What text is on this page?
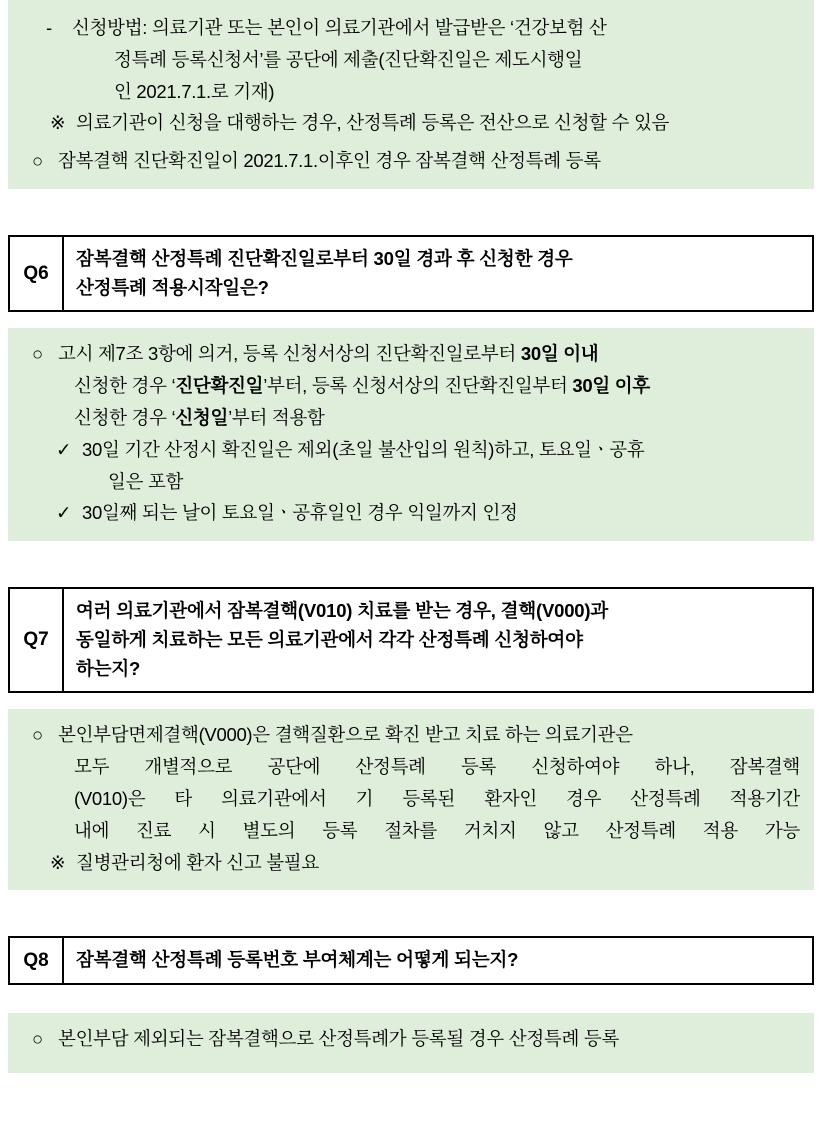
-	신청방법: 의료기관 또는 본인이 의료기관에서 발급받은 ‘건강보험 산
정특례 등록신청서’를 공단에 제출(진단확진일은 제도시행일
인 2021.7.1.로 기재)
※ 의료기관이 신청을 대행하는 경우, 산정특례 등록은 전산으로 신청할 수 있음
○ 잠복결핵 진단확진일이 2021.7.1.이후인 경우 잠복결핵 산정특례 등록
Q6
잠복결핵 산정특례 진단확진일로부터 30일 경과 후 신청한 경우
산정특례 적용시작일은?
○ 고시 제7조 3항에 의거, 등록 신청서상의 진단확진일로부터 30일 이내
신청한 경우 ‘진단확진일’부터, 등록 신청서상의 진단확진일부터 30일 이후
신청한 경우 ‘신청일’부터 적용함
✓ 30일 기간 산정시 확진일은 제외(초일 불산입의 원칙)하고, 토요일ㆍ공휴
일은 포함
✓ 30일째 되는 날이 토요일ㆍ공휴일인 경우 익일까지 인정
Q7
여러 의료기관에서 잠복결핵(V010) 치료를 받는 경우, 결핵(V000)과
동일하게 치료하는 모든 의료기관에서 각각 산정특례 신청하여야
하는지?
○ 본인부담면제결핵(V000)은 결핵질환으로 확진 받고 치료 하는 의료기관은
모두 개별적으로 공단에 산정특례 등록 신청하여야 하나, 잠복결핵
(V010)은 타 의료기관에서 기 등록된 환자인 경우 산정특례 적용기간
내에 진료 시 별도의 등록 절차를 거치지 않고 산정특례 적용 가능
※ 질병관리청에 환자 신고 불필요
Q8	잠복결핵 산정특례 등록번호 부여체계는 어떻게 되는지?
○ 본인부담 제외되는 잠복결핵으로 산정특례가 등록될 경우 산정특례 등록
